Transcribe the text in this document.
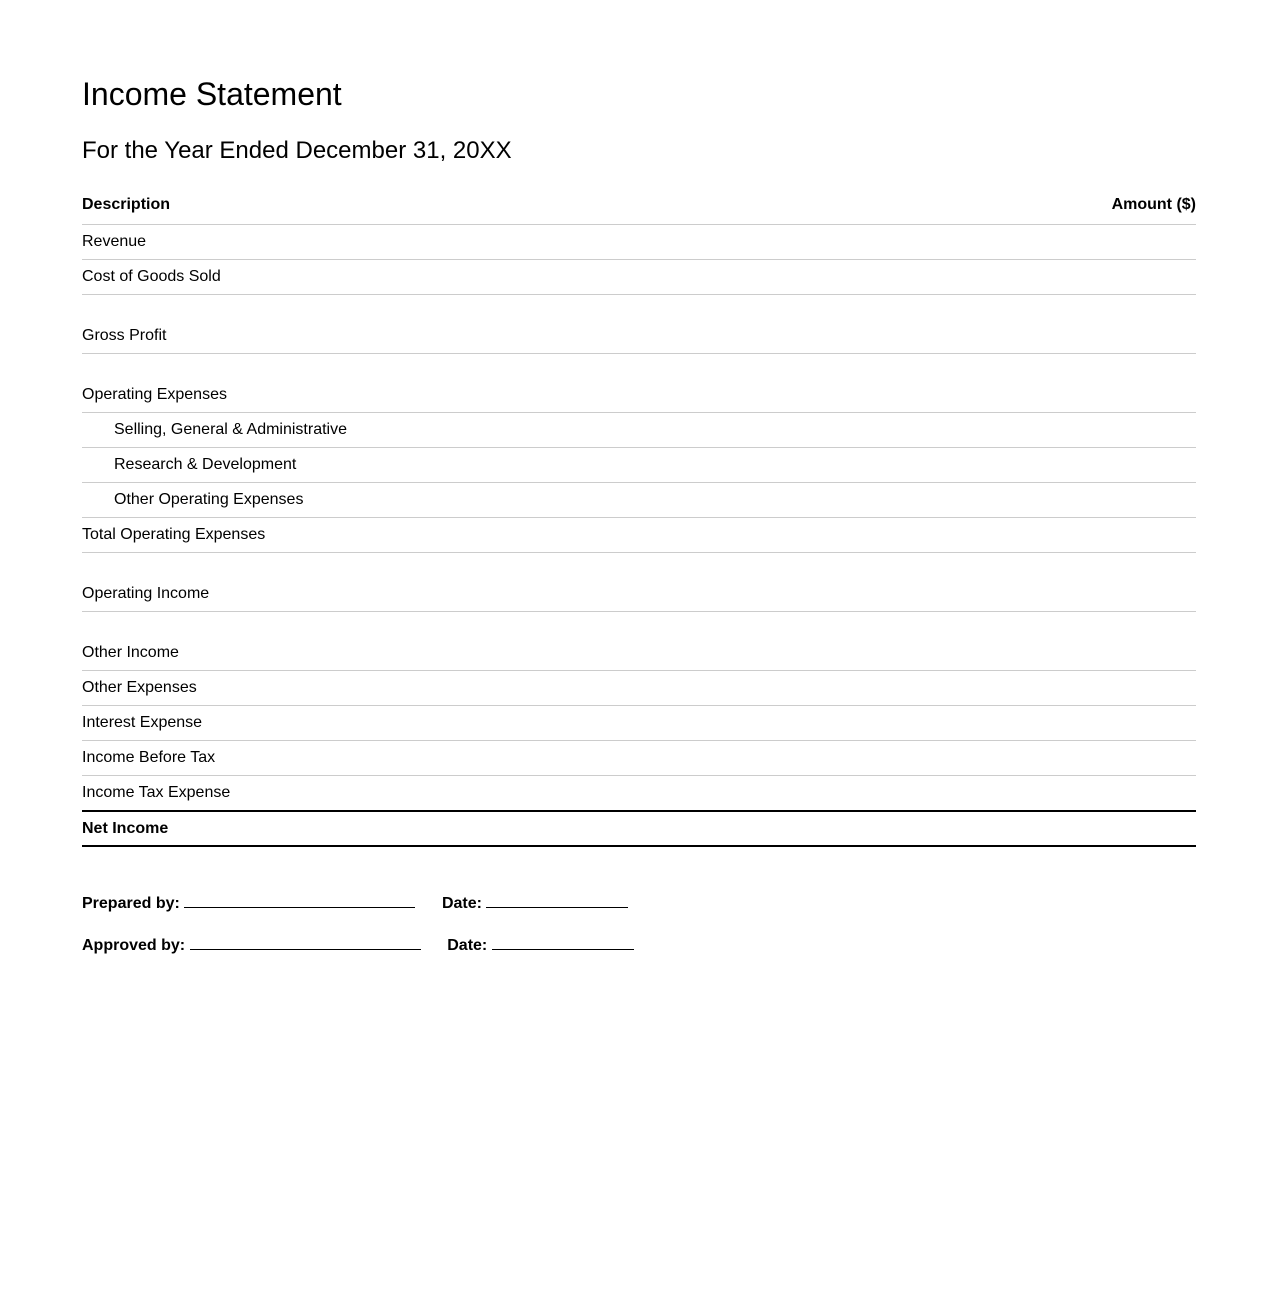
Income Statement
For the Year Ended December 31, 20XX
Description	Amount ($)
Revenue	
Cost of Goods Sold	

Gross Profit	

Operating Expenses	
Selling, General & Administrative	
Research & Development	
Other Operating Expenses	
Total Operating Expenses	

Operating Income	

Other Income	
Other Expenses	
Interest Expense	
Income Before Tax	
Income Tax Expense	
Net Income	
Prepared by:	Date:
Approved by:	Date:
